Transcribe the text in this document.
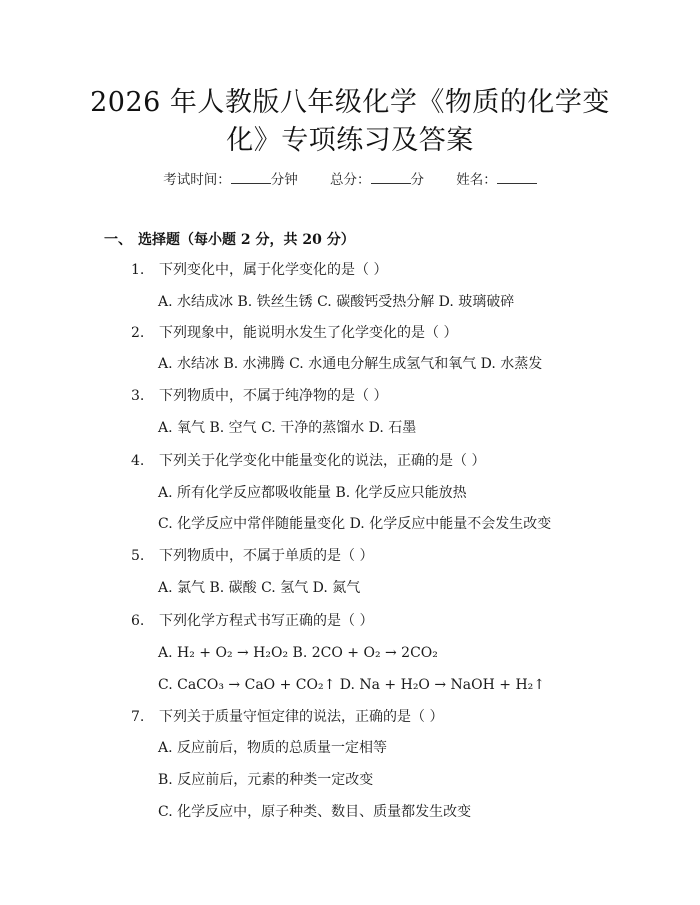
2026 年人教版八年级化学《物质的化学变
化》专项练习及答案
考试时间：	分钟 总分：	分 姓名：
一、 选择题（每小题 2 分，共 20 分）
1. 下列变化中，属于化学变化的是（ ）
A. 水结成冰 B. 铁丝生锈 C. 碳酸钙受热分解 D. 玻璃破碎
2. 下列现象中，能说明水发生了化学变化的是（ ）
A. 水结冰 B. 水沸腾 C. 水通电分解生成氢气和氧气 D. 水蒸发
3. 下列物质中，不属于纯净物的是（ ）
A. 氧气 B. 空气 C. 干净的蒸馏水 D. 石墨
4. 下列关于化学变化中能量变化的说法，正确的是（ ）
A. 所有化学反应都吸收能量 B. 化学反应只能放热
C. 化学反应中常伴随能量变化 D. 化学反应中能量不会发生改变
5. 下列物质中，不属于单质的是（ ）
A. 氯气 B. 碳酸 C. 氢气 D. 氮气
6. 下列化学方程式书写正确的是（ ）
A. H₂ + O₂ → H₂O₂ B. 2CO + O₂ → 2CO₂
C. CaCO₃ → CaO + CO₂↑ D. Na + H₂O → NaOH + H₂↑
7. 下列关于质量守恒定律的说法，正确的是（ ）
A. 反应前后，物质的总质量一定相等
B. 反应前后，元素的种类一定改变
C. 化学反应中，原子种类、数目、质量都发生改变
